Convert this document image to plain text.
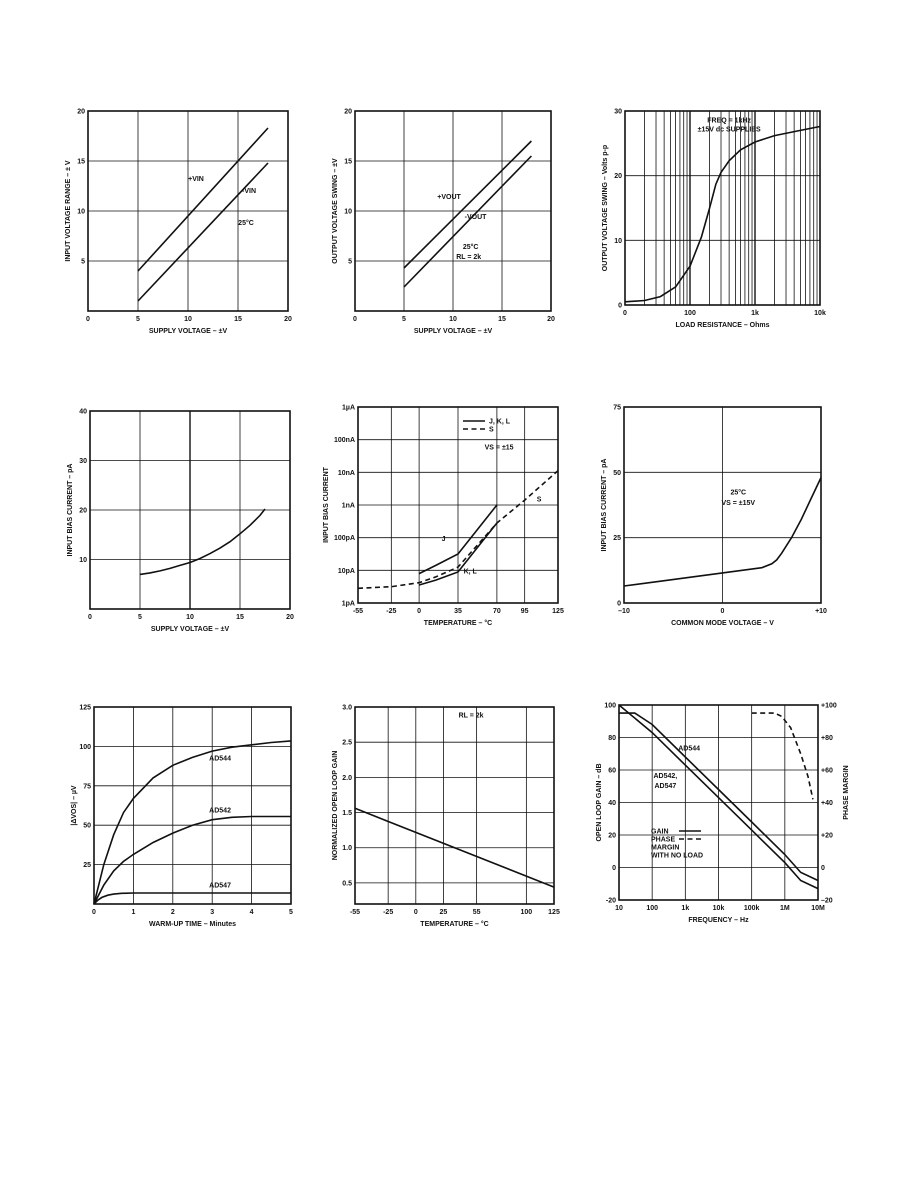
0	5	10	15	20
5
10
15
20
SUPPLY VOLTAGE – ±V
INPUT VOLTAGE RANGE – ± V	+VIN
-VIN
25°C
0	5	10	15	20
5
10
15
20
SUPPLY VOLTAGE – ±V
OUTPUT VOLTAGE SWING – ±V	+VOUT
-VOUT
25°C
RL = 2k
0	100	1k	10k
0
10
20
30
LOAD RESISTANCE – Ohms
OUTPUT VOLTAGE SWING – Volts p-p
FREQ = 1kHz
±15V dc SUPPLIES
0	5	10	15	20
10
20
30
40
SUPPLY VOLTAGE – ±V
INPUT BIAS CURRENT – pA
-55	-25	0	35	70	95	125
1pA
10pA
100pA
1nA
10nA
100nA
1µA
TEMPERATURE – °C
INPUT BIAS CURRENT
VS = ±15
J
K, L
S
J, K, L
S
–10	0	+10
0
25
50
75
COMMON MODE VOLTAGE – V
INPUT BIAS CURRENT – pA	25°C
VS = ±15V
0	1	2	3	4	5
25
50
75
100
125
WARM-UP TIME – Minutes
|ΔVOS| – µV
AD544
AD542
AD547
-55	-25	0	25	55	100 125
0.5
1.0
1.5
2.0
2.5
3.0
TEMPERATURE – °C
NORMALIZED OPEN LOOP GAIN
RL = 2k
10	100	1k	10k	100k	1M	10M
-20
0
20
40
60
80
100
–20
0
+20
+40
+60
+80
+100
FREQUENCY – Hz
OPEN LOOP GAIN – dB	PHASE MARGIN
AD544
AD542,
AD547
GAIN
PHASE
MARGIN
WITH NO LOAD
